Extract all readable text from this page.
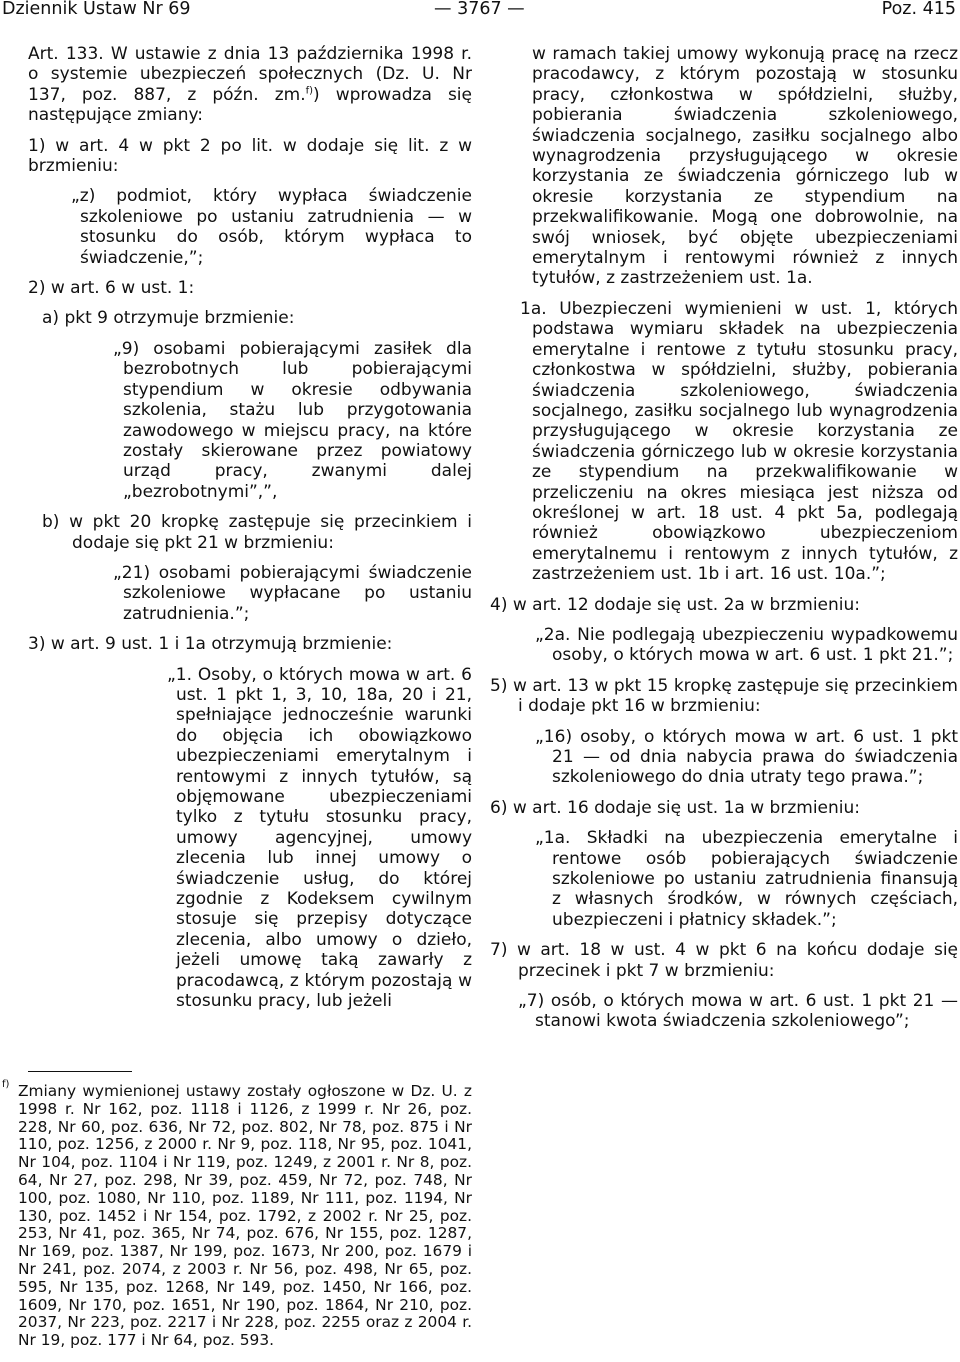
Dziennik Ustaw Nr 69	— 3767 —	Poz. 415

Art. 133. W ustawie z dnia 13 października 1998 r. o systemie ubezpieczeń społecznych (Dz. U. Nr 137, poz. 887, z późn. zm.$^{f)}$) wprowadza się następujące zmiany:

1) w art. 4 w pkt 2 po lit. w dodaje się lit. z w brzmieniu:

„z) podmiot, który wypłaca świadczenie szkoleniowe po ustaniu zatrudnienia — w stosunku do osób, którym wypłaca to świadczenie,”;

2) w art. 6 w ust. 1:

a) pkt 9 otrzymuje brzmienie:

„9) osobami pobierającymi zasiłek dla bezrobotnych lub pobierającymi stypendium w okresie odbywania szkolenia, stażu lub przygotowania zawodowego w miejscu pracy, na które zostały skierowane przez powiatowy urząd pracy, zwanymi dalej „bezrobotnymi”,”,

b) w pkt 20 kropkę zastępuje się przecinkiem i dodaje się pkt 21 w brzmieniu:

„21) osobami pobierającymi świadczenie szkoleniowe wypłacane po ustaniu zatrudnienia.”;

3) w art. 9 ust. 1 i 1a otrzymują brzmienie:

„1. Osoby, o których mowa w art. 6 ust. 1 pkt 1, 3, 10, 18a, 20 i 21, spełniające jednocześnie warunki do objęcia ich obowiązkowo ubezpieczeniami emerytalnym i rentowymi z innych tytułów, są objęmowane ubezpieczeniami tylko z tytułu stosunku pracy, umowy agencyjnej, umowy zlecenia lub innej umowy o świadczenie usług, do której zgodnie z Kodeksem cywilnym stosuje się przepisy dotyczące zlecenia, albo umowy o dzieło, jeżeli umowę taką zawarły z pracodawcą, z którym pozostają w stosunku pracy, lub jeżeli

f) Zmiany wymienionej ustawy zostały ogłoszone w Dz. U. z 1998 r. Nr 162, poz. 1118 i 1126, z 1999 r. Nr 26, poz. 228, Nr 60, poz. 636, Nr 72, poz. 802, Nr 78, poz. 875 i Nr 110, poz. 1256, z 2000 r. Nr 9, poz. 118, Nr 95, poz. 1041, Nr 104, poz. 1104 i Nr 119, poz. 1249, z 2001 r. Nr 8, poz. 64, Nr 27, poz. 298, Nr 39, poz. 459, Nr 72, poz. 748, Nr 100, poz. 1080, Nr 110, poz. 1189, Nr 111, poz. 1194, Nr 130, poz. 1452 i Nr 154, poz. 1792, z 2002 r. Nr 25, poz. 253, Nr 41, poz. 365, Nr 74, poz. 676, Nr 155, poz. 1287, Nr 169, poz. 1387, Nr 199, poz. 1673, Nr 200, poz. 1679 i Nr 241, poz. 2074, z 2003 r. Nr 56, poz. 498, Nr 65, poz. 595, Nr 135, poz. 1268, Nr 149, poz. 1450, Nr 166, poz. 1609, Nr 170, poz. 1651, Nr 190, poz. 1864, Nr 210, poz. 2037, Nr 223, poz. 2217 i Nr 228, poz. 2255 oraz z 2004 r. Nr 19, poz. 177 i Nr 64, poz. 593.

w ramach takiej umowy wykonują pracę na rzecz pracodawcy, z którym pozostają w stosunku pracy, członkostwa w spółdzielni, służby, pobierania świadczenia szkoleniowego, świadczenia socjalnego, zasiłku socjalnego albo wynagrodzenia przysługującego w okresie korzystania ze świadczenia górniczego lub w okresie korzystania ze stypendium na przekwalifikowanie. Mogą one dobrowolnie, na swój wniosek, być objęte ubezpieczeniami emerytalnym i rentowymi również z innych tytułów, z zastrzeżeniem ust. 1a.

1a. Ubezpieczeni wymienieni w ust. 1, których podstawa wymiaru składek na ubezpieczenia emerytalne i rentowe z tytułu stosunku pracy, członkostwa w spółdzielni, służby, pobierania świadczenia szkoleniowego, świadczenia socjalnego, zasiłku socjalnego lub wynagrodzenia przysługującego w okresie korzystania ze świadczenia górniczego lub w okresie korzystania ze stypendium na przekwalifikowanie w przeliczeniu na okres miesiąca jest niższa od określonej w art. 18 ust. 4 pkt 5a, podlegają również obowiązkowo ubezpieczeniom emerytalnemu i rentowym z innych tytułów, z zastrzeżeniem ust. 1b i art. 16 ust. 10a.”;

4) w art. 12 dodaje się ust. 2a w brzmieniu:

„2a. Nie podlegają ubezpieczeniu wypadkowemu osoby, o których mowa w art. 6 ust. 1 pkt 21.”;

5) w art. 13 w pkt 15 kropkę zastępuje się przecinkiem i dodaje pkt 16 w brzmieniu:

„16) osoby, o których mowa w art. 6 ust. 1 pkt 21 — od dnia nabycia prawa do świadczenia szkoleniowego do dnia utraty tego prawa.”;

6) w art. 16 dodaje się ust. 1a w brzmieniu:

„1a. Składki na ubezpieczenia emerytalne i rentowe osób pobierających świadczenie szkoleniowe po ustaniu zatrudnienia finansują z własnych środków, w równych częściach, ubezpieczeni i płatnicy składek.”;

7) w art. 18 w ust. 4 w pkt 6 na końcu dodaje się przecinek i pkt 7 w brzmieniu:

„7) osób, o których mowa w art. 6 ust. 1 pkt 21 — stanowi kwota świadczenia szkoleniowego”;
